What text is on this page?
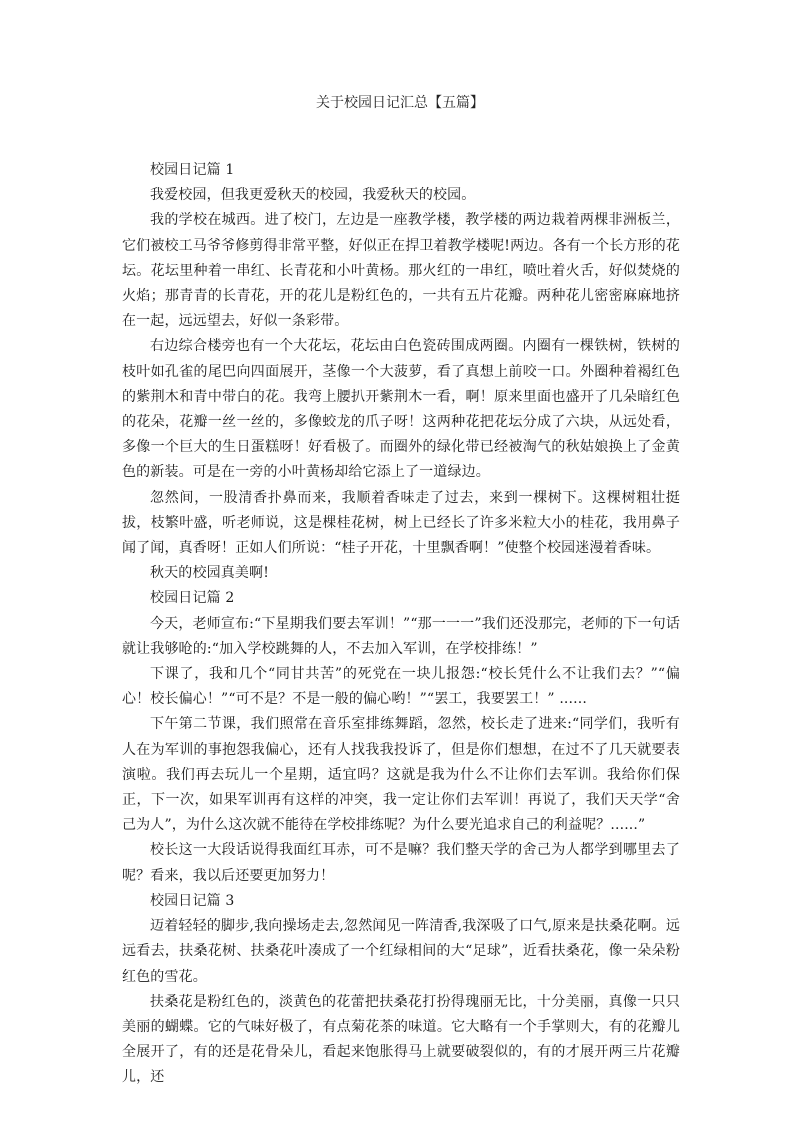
关于校园日记汇总【五篇】

校园日记篇 1

我爱校园，但我更爱秋天的校园，我爱秋天的校园。

我的学校在城西。进了校门，左边是一座教学楼，教学楼的两边栽着两棵非洲板兰，它们被校工马爷爷修剪得非常平整，好似正在捍卫着教学楼呢!两边。各有一个长方形的花坛。花坛里种着一串红、长青花和小叶黄杨。那火红的一串红，喷吐着火舌，好似焚烧的火焰；那青青的长青花，开的花儿是粉红色的，一共有五片花瓣。两种花儿密密麻麻地挤在一起，远远望去，好似一条彩带。

右边综合楼旁也有一个大花坛，花坛由白色瓷砖围成两圈。内圈有一棵铁树，铁树的枝叶如孔雀的尾巴向四面展开，茎像一个大菠萝，看了真想上前咬一口。外圈种着褐红色的紫荆木和青中带白的花。我弯上腰扒开紫荆木一看，啊！原来里面也盛开了几朵暗红色的花朵，花瓣一丝一丝的，多像蛟龙的爪子呀！这两种花把花坛分成了六块，从远处看，多像一个巨大的生日蛋糕呀！好看极了。而圈外的绿化带已经被淘气的秋姑娘换上了金黄色的新装。可是在一旁的小叶黄杨却给它添上了一道绿边。

忽然间，一股清香扑鼻而来，我顺着香味走了过去，来到一棵树下。这棵树粗壮挺拔，枝繁叶盛，听老师说，这是棵桂花树，树上已经长了许多米粒大小的桂花，我用鼻子闻了闻，真香呀！正如人们所说：“桂子开花，十里飘香啊！”使整个校园迷漫着香味。

秋天的校园真美啊!

校园日记篇 2

今天，老师宣布:“下星期我们要去军训！”“那一一一”我们还没那完，老师的下一句话就让我够呛的:“加入学校跳舞的人，不去加入军训，在学校排练！”

下课了，我和几个“同甘共苦”的死党在一块儿报怨:“校长凭什么不让我们去？”“偏心！校长偏心！”“可不是？不是一般的偏心哟！”“罢工，我要罢工！” ......

下午第二节课，我们照常在音乐室排练舞蹈，忽然，校长走了进来:“同学们，我听有人在为军训的事抱怨我偏心，还有人找我我投诉了，但是你们想想，在过不了几天就要表演啦。我们再去玩儿一个星期，适宜吗？这就是我为什么不让你们去军训。我给你们保正，下一次，如果军训再有这样的冲突，我一定让你们去军训！再说了，我们天天学“舍己为人”，为什么这次就不能待在学校排练呢？为什么要光追求自己的利益呢？......”

校长这一大段话说得我面红耳赤，可不是嘛？我们整天学的舍己为人都学到哪里去了呢？看来，我以后还要更加努力！

校园日记篇 3

迈着轻轻的脚步,我向操场走去,忽然闻见一阵清香,我深吸了口气,原来是扶桑花啊。远远看去，扶桑花树、扶桑花叶凑成了一个红绿相间的大“足球”，近看扶桑花，像一朵朵粉红色的雪花。

扶桑花是粉红色的，淡黄色的花蕾把扶桑花打扮得瑰丽无比，十分美丽，真像一只只美丽的蝴蝶。它的气味好极了，有点菊花茶的味道。它大略有一个手掌则大，有的花瓣儿全展开了，有的还是花骨朵儿，看起来饱胀得马上就要破裂似的，有的才展开两三片花瓣儿，还
